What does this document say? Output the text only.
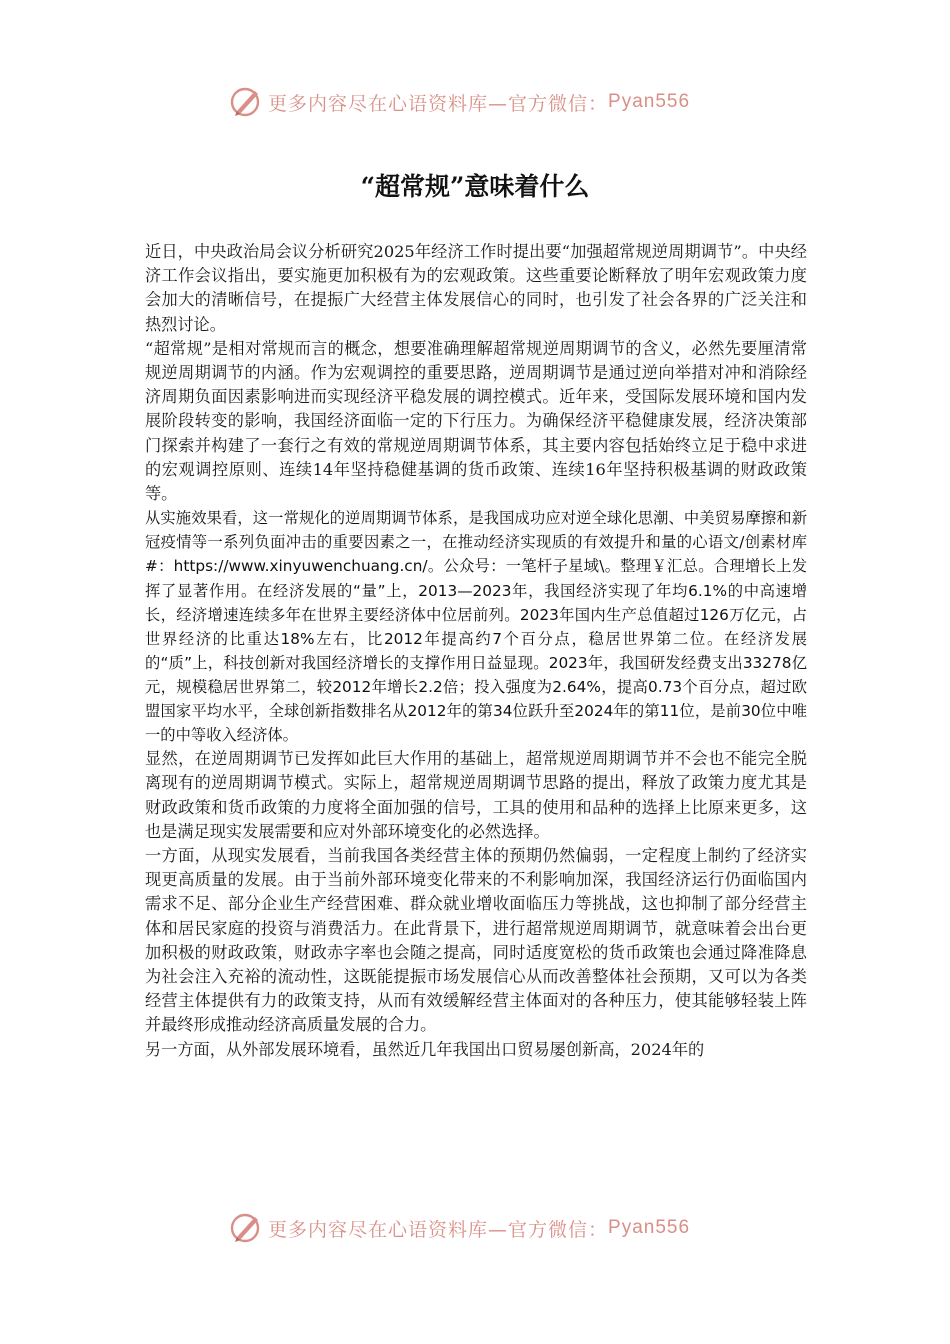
更多内容尽在心语资料库—官方微信： Pyan556
“超常规”意味着什么

近日，中央政治局会议分析研究2025年经济工作时提出要“加强超常规逆周期调节”。中央经济工作会议指出，要实施更加积极有为的宏观政策。这些重要论断释放了明年宏观政策力度会加大的清晰信号，在提振广大经营主体发展信心的同时，也引发了社会各界的广泛关注和热烈讨论。

“超常规”是相对常规而言的概念，想要准确理解超常规逆周期调节的含义，必然先要厘清常规逆周期调节的内涵。作为宏观调控的重要思路，逆周期调节是通过逆向举措对冲和消除经济周期负面因素影响进而实现经济平稳发展的调控模式。近年来，受国际发展环境和国内发展阶段转变的影响，我国经济面临一定的下行压力。为确保经济平稳健康发展，经济决策部门探索并构建了一套行之有效的常规逆周期调节体系，其主要内容包括始终立足于稳中求进的宏观调控原则、连续14年坚持稳健基调的货币政策、连续16年坚持积极基调的财政政策等。

从实施效果看，这一常规化的逆周期调节体系，是我国成功应对逆全球化思潮、中美贸易摩擦和新冠疫情等一系列负面冲击的重要因素之一，在推动经济实现质的有效提升和量的心语文/创素材库#：https://www.xinyuwenchuang.cn/。公众号：一笔杆子星域\。整理￥汇总。合理增长上发挥了显著作用。在经济发展的“量”上，2013—2023年，我国经济实现了年均6.1%的中高速增长，经济增速连续多年在世界主要经济体中位居前列。2023年国内生产总值超过126万亿元，占世界经济的比重达18%左右，比2012年提高约7个百分点，稳居世界第二位。在经济发展的“质”上，科技创新对我国经济增长的支撑作用日益显现。2023年，我国研发经费支出33278亿元，规模稳居世界第二，较2012年增长2.2倍；投入强度为2.64%，提高0.73个百分点，超过欧盟国家平均水平，全球创新指数排名从2012年的第34位跃升至2024年的第11位，是前30位中唯一的中等收入经济体。

显然，在逆周期调节已发挥如此巨大作用的基础上，超常规逆周期调节并不会也不能完全脱离现有的逆周期调节模式。实际上，超常规逆周期调节思路的提出，释放了政策力度尤其是财政政策和货币政策的力度将全面加强的信号，工具的使用和品种的选择上比原来更多，这也是满足现实发展需要和应对外部环境变化的必然选择。

一方面，从现实发展看，当前我国各类经营主体的预期仍然偏弱，一定程度上制约了经济实现更高质量的发展。由于当前外部环境变化带来的不利影响加深，我国经济运行仍面临国内需求不足、部分企业生产经营困难、群众就业增收面临压力等挑战，这也抑制了部分经营主体和居民家庭的投资与消费活力。在此背景下，进行超常规逆周期调节，就意味着会出台更加积极的财政政策，财政赤字率也会随之提高，同时适度宽松的货币政策也会通过降准降息为社会注入充裕的流动性，这既能提振市场发展信心从而改善整体社会预期，又可以为各类经营主体提供有力的政策支持，从而有效缓解经营主体面对的各种压力，使其能够轻装上阵并最终形成推动经济高质量发展的合力。

另一方面，从外部发展环境看，虽然近几年我国出口贸易屡创新高，2024年的

更多内容尽在心语资料库—官方微信： Pyan556
